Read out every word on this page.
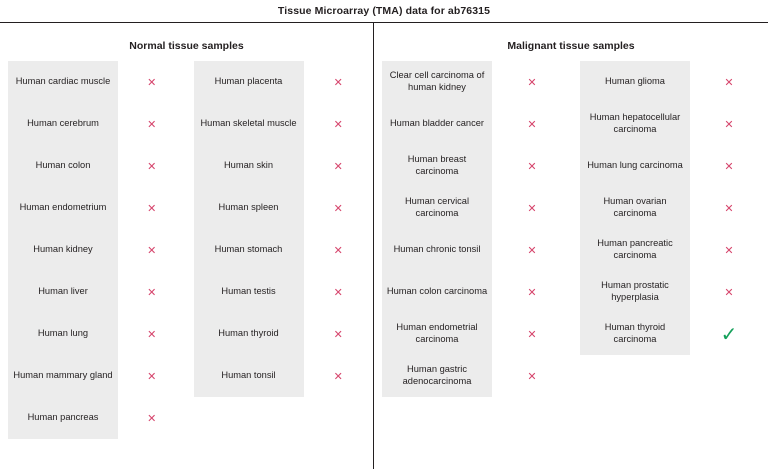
Tissue Microarray (TMA) data for ab76315
Normal tissue samples
Human cardiac muscle	✕
Human cerebrum	✕
Human colon	✕
Human endometrium	✕
Human kidney	✕
Human liver	✕
Human lung	✕
Human mammary gland	✕
Human pancreas	✕
Human placenta	✕
Human skeletal muscle	✕
Human skin	✕
Human spleen	✕
Human stomach	✕
Human testis	✕
Human thyroid	✕
Human tonsil	✕
Malignant tissue samples
Clear cell carcinoma of human kidney	✕
Human bladder cancer	✕
Human breast carcinoma	✕
Human cervical carcinoma	✕
Human chronic tonsil	✕
Human colon carcinoma	✕
Human endometrial carcinoma	✕
Human gastric adenocarcinoma	✕
Human glioma	✕
Human hepatocellular carcinoma	✕
Human lung carcinoma	✕
Human ovarian carcinoma	✕
Human pancreatic carcinoma	✕
Human prostatic hyperplasia	✕
Human thyroid carcinoma	✓
